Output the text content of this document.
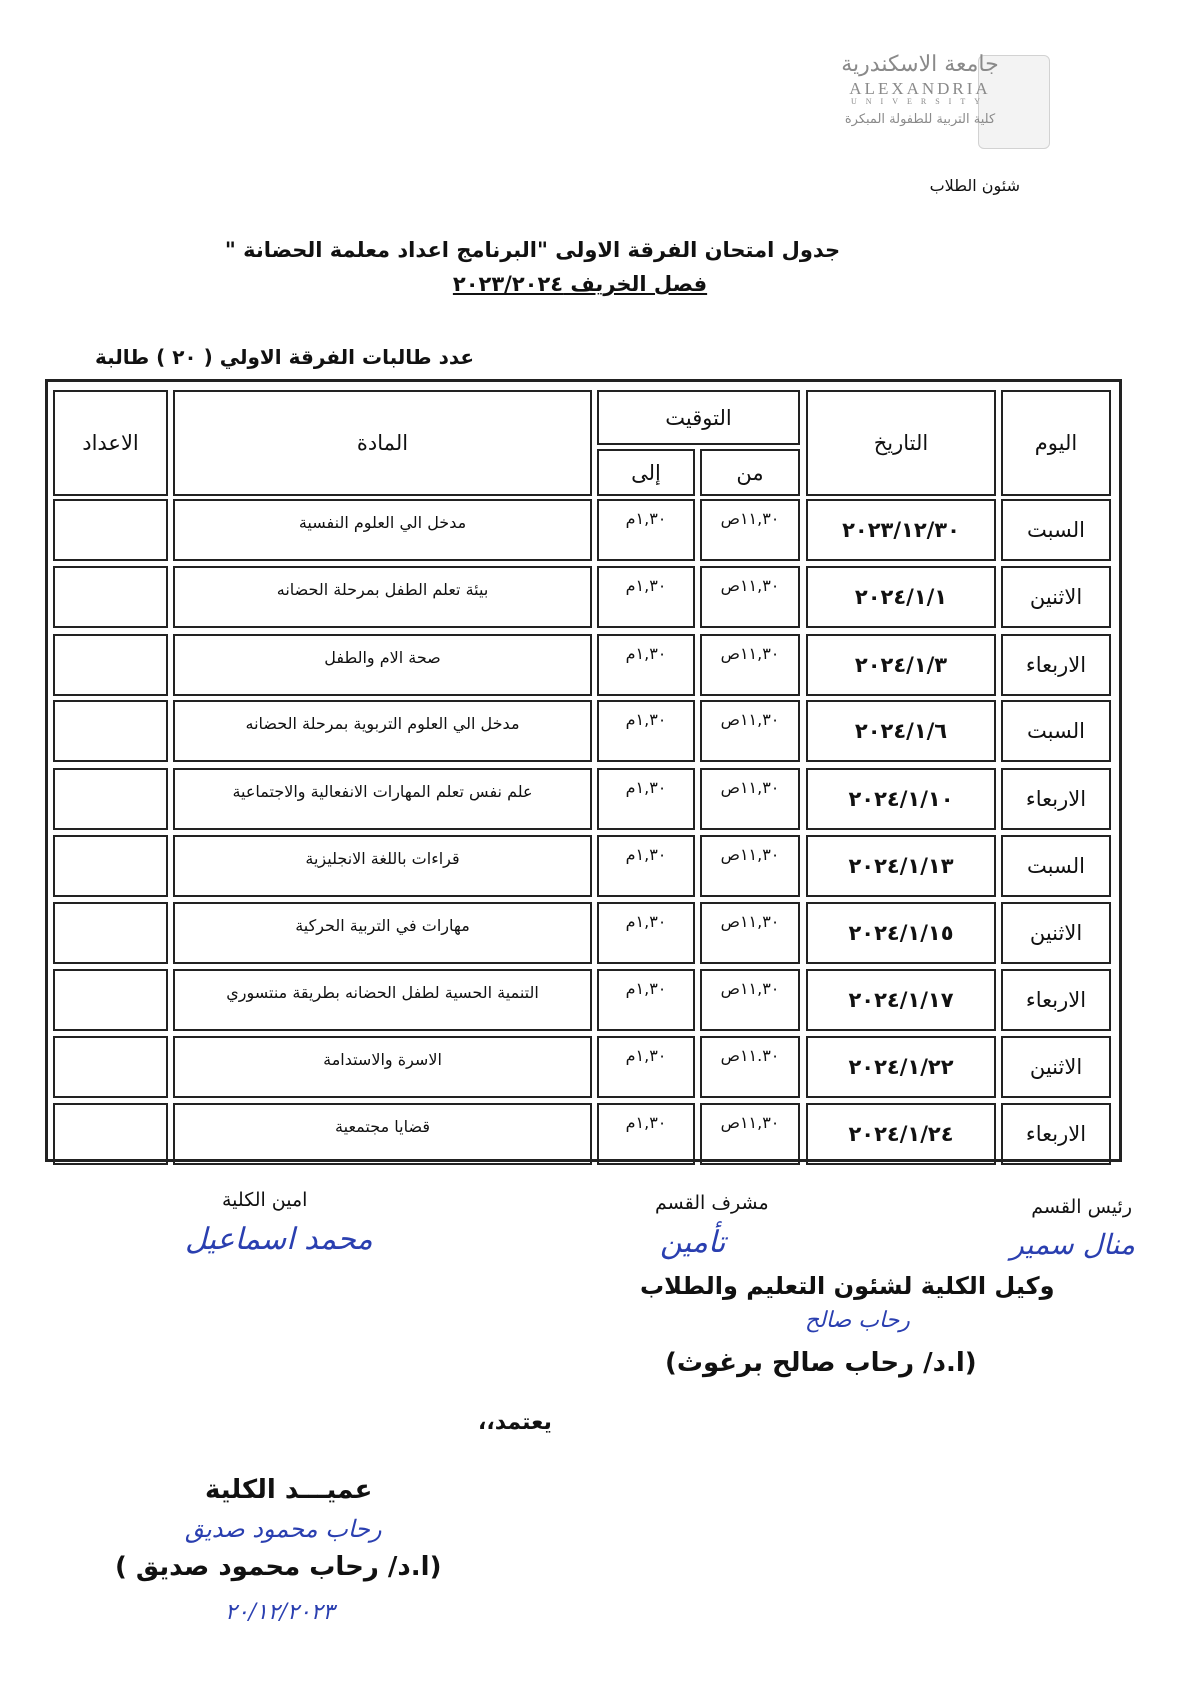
جامعة الاسكندرية
ALEXANDRIA
UNIVERSITY
كلية التربية للطفولة المبكرة
شئون الطلاب
جدول امتحان الفرقة الاولى "البرنامج اعداد معلمة الحضانة "
فصل الخريف ٢٠٢٣/٢٠٢٤
عدد طالبات الفرقة الاولي ( ٢٠ ) طالبة
اليوم
التاريخ
التوقيت
من
إلى
المادة
الاعداد
السبت
٢٠٢٣/١٢/٣٠
١١,٣٠ص
١,٣٠م
مدخل الي العلوم النفسية
الاثنين
٢٠٢٤/١/١
١١,٣٠ص
١,٣٠م
بيئة تعلم الطفل بمرحلة الحضانه
الاربعاء
٢٠٢٤/١/٣
١١,٣٠ص
١,٣٠م
صحة الام والطفل
السبت
٢٠٢٤/١/٦
١١,٣٠ص
١,٣٠م
مدخل الي العلوم التربوية بمرحلة الحضانه
الاربعاء
٢٠٢٤/١/١٠
١١,٣٠ص
١,٣٠م
علم نفس تعلم المهارات الانفعالية والاجتماعية
السبت
٢٠٢٤/١/١٣
١١,٣٠ص
١,٣٠م
قراءات باللغة الانجليزية
الاثنين
٢٠٢٤/١/١٥
١١,٣٠ص
١,٣٠م
مهارات في التربية الحركية
الاربعاء
٢٠٢٤/١/١٧
١١,٣٠ص
١,٣٠م
التنمية الحسية لطفل الحضانه بطريقة منتسوري
الاثنين
٢٠٢٤/١/٢٢
١١.٣٠ص
١,٣٠م
الاسرة والاستدامة
الاربعاء
٢٠٢٤/١/٢٤
١١,٣٠ص
١,٣٠م
قضايا مجتمعية
رئيس القسم
منال سمير
مشرف القسم
تأمين
امين الكلية
محمد اسماعيل
وكيل الكلية لشئون التعليم والطلاب
رحاب صالح
(ا.د/ رحاب صالح برغوث)
يعتمد،،
عميـــد الكلية
رحاب محمود صديق
(ا.د/ رحاب محمود صديق )
٢٠/١٢/٢٠٢٣
